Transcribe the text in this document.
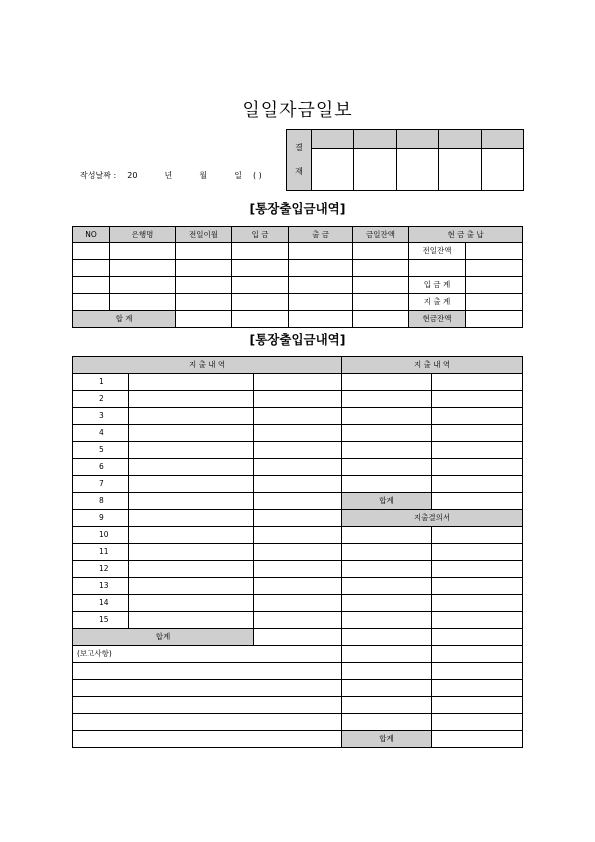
일일자금일보
작성날짜 : 20	년	월	일 ( )
결
재					

[통장출입금내역]
NO	은행명	전일이월	입 금	출 금	금일잔액	현 금 출 납	
						전일잔액	

						입 금 계	
						지 출 계	
합 계						현금잔액	
[통장출입금내역]
지 출 내 역			지 출 내 역	
1				
2				
3				
4				
5				
6				
7				
8			합계	
9			지출결의서	
10				
11				
12				
13				
14				
15				
합계				
(보고사항)				

			합계	
